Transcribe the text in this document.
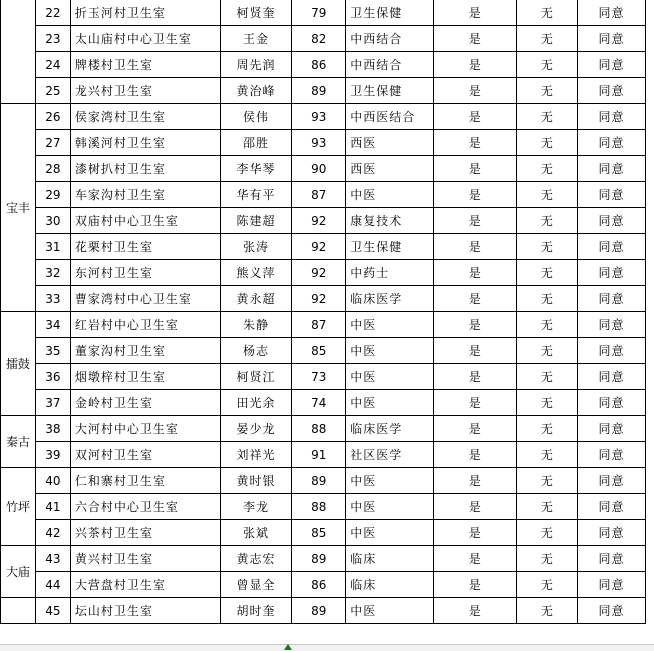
	22	折玉河村卫生室	柯贤奎	79	卫生保健	是	无	同意	
	23	太山庙村中心卫生室	王金	82	中西结合	是	无	同意	
	24	牌楼村卫生室	周先润	86	中西结合	是	无	同意	
	25	龙兴村卫生室	黄治峰	89	卫生保健	是	无	同意	
宝丰	26	侯家湾村卫生室	侯伟	93	中西医结合	是	无	同意	
	27	韩溪河村卫生室	邵胜	93	西医	是	无	同意	
	28	漆树扒村卫生室	李华琴	90	西医	是	无	同意	
	29	车家沟村卫生室	华有平	87	中医	是	无	同意	
	30	双庙村中心卫生室	陈建超	92	康复技术	是	无	同意	
	31	花栗村卫生室	张涛	92	卫生保健	是	无	同意	
	32	东河村卫生室	熊义萍	92	中药士	是	无	同意	
	33	曹家湾村中心卫生室	黄永超	92	临床医学	是	无	同意	
擂鼓	34	红岩村中心卫生室	朱静	87	中医	是	无	同意	
	35	董家沟村卫生室	杨志	85	中医	是	无	同意	
	36	烟墩梓村卫生室	柯贤江	73	中医	是	无	同意	
	37	金岭村卫生室	田光余	74	中医	是	无	同意	
秦古	38	大河村中心卫生室	晏少龙	88	临床医学	是	无	同意	
	39	双河村卫生室	刘祥光	91	社区医学	是	无	同意	
竹坪	40	仁和寨村卫生室	黄时银	89	中医	是	无	同意	
	41	六合村中心卫生室	李龙	88	中医	是	无	同意	
	42	兴茶村卫生室	张斌	85	中医	是	无	同意	
大庙	43	黄兴村卫生室	黄志宏	89	临床	是	无	同意	
	44	大营盘村卫生室	曾显全	86	临床	是	无	同意	
	45	坛山村卫生室	胡时奎	89	中医	是	无	同意	
